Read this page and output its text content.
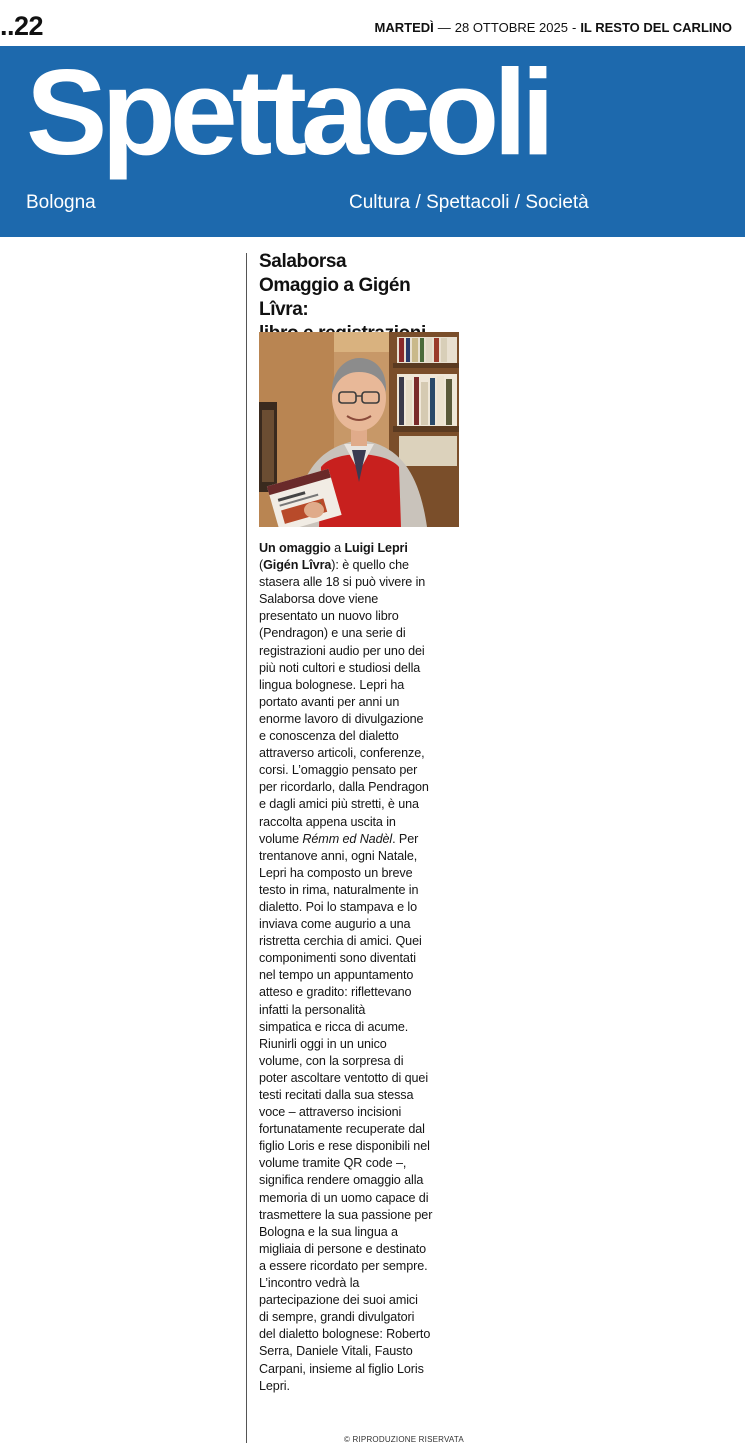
..22	MARTEDÌ — 28 OTTOBRE 2025 - IL RESTO DEL CARLINO
Spettacoli
Bologna	Cultura / Spettacoli / Società
Salaborsa
Omaggio a Gigén Lîvra:
Un omaggio a Luigi Lepri
(Gigén Lîvra): è quello che
stasera alle 18 si può vivere in
Salaborsa dove viene
presentato un nuovo libro
(Pendragon) e una serie di
registrazioni audio per uno dei
più noti cultori e studiosi della
lingua bolognese. Lepri ha
portato avanti per anni un
enorme lavoro di divulgazione
e conoscenza del dialetto
attraverso articoli, conferenze,
corsi. L’omaggio pensato per
per ricordarlo, dalla Pendragon
e dagli amici più stretti, è una
raccolta appena uscita in
volume Rémm ed Nadèl. Per
trentanove anni, ogni Natale,
Lepri ha composto un breve
testo in rima, naturalmente in
dialetto. Poi lo stampava e lo
inviava come augurio a una
ristretta cerchia di amici. Quei
componimenti sono diventati
nel tempo un appuntamento
atteso e gradito: riflettevano
infatti la personalità
simpatica e ricca di acume.
Riunirli oggi in un unico
volume, con la sorpresa di
poter ascoltare ventotto di quei
testi recitati dalla sua stessa
voce – attraverso incisioni
fortunatamente recuperate dal
figlio Loris e rese disponibili nel
volume tramite QR code –,
significa rendere omaggio alla
memoria di un uomo capace di
trasmettere la sua passione per
Bologna e la sua lingua a
migliaia di persone e destinato
a essere ricordato per sempre.
L’incontro vedrà la
partecipazione dei suoi amici
di sempre, grandi divulgatori
del dialetto bolognese: Roberto
Serra, Daniele Vitali, Fausto
Carpani, insieme al figlio Loris
Lepri.
© RIPRODUZIONE RISERVATA
